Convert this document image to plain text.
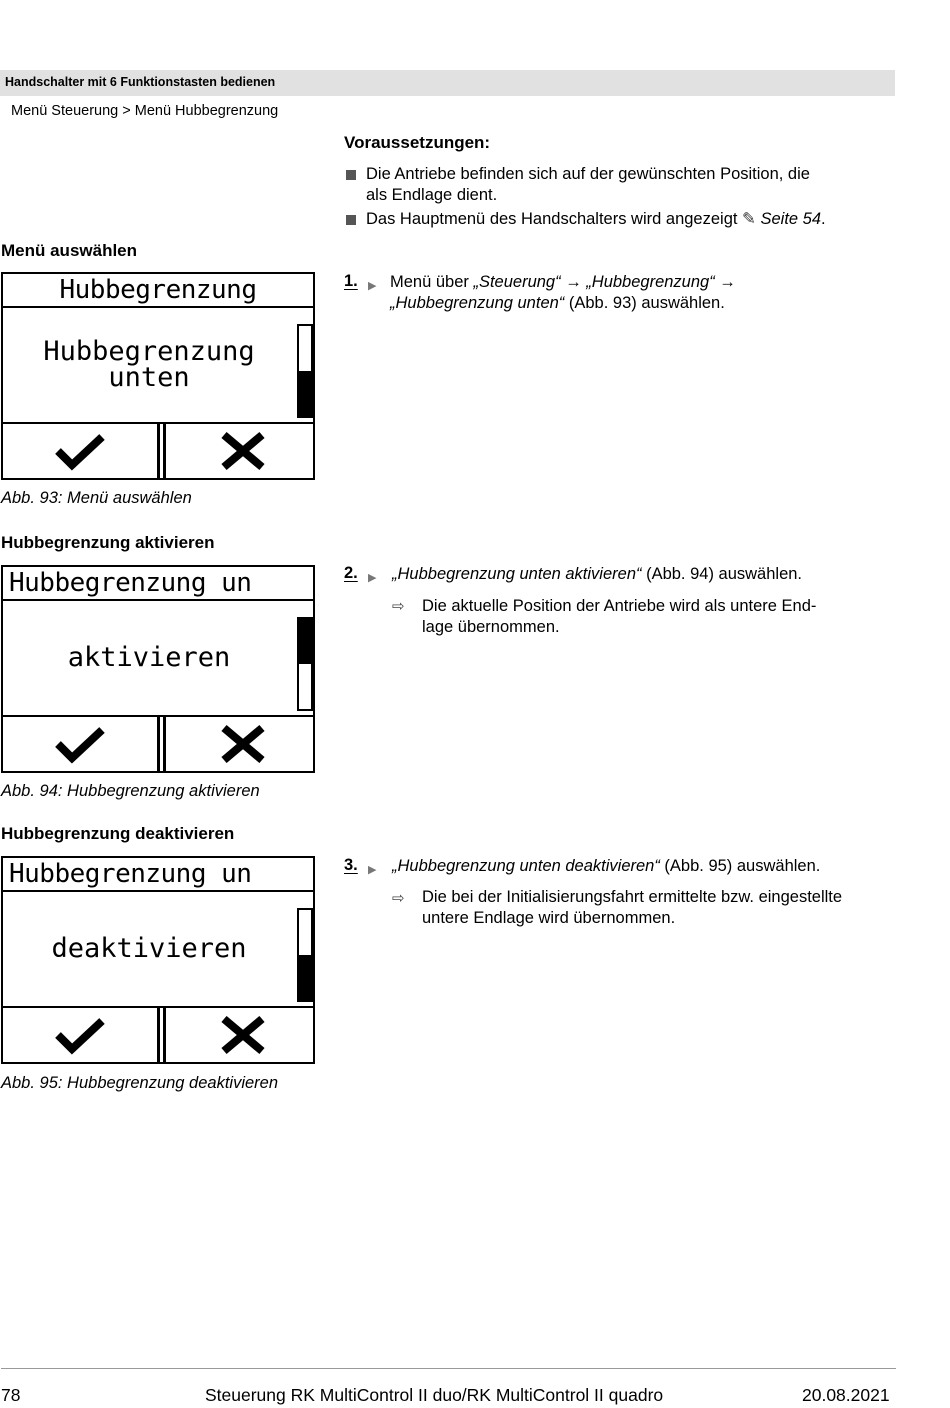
Handschalter mit 6 Funktionstasten bedienen
Menü Steuerung > Menü Hubbegrenzung
Voraussetzungen:
Die Antriebe befinden sich auf der gewünschten Position, die
als Endlage dient.
Das Hauptmenü des Handschalters wird angezeigt ✎ Seite 54.
Menü auswählen
Hubbegrenzung
Hubbegrenzung
unten
Abb. 93: Menü auswählen
1. ▶ Menü über „Steuerung“ → „Hubbegrenzung“ →
„Hubbegrenzung unten“ (Abb. 93) auswählen.
Hubbegrenzung aktivieren
Hubbegrenzung un
aktivieren
Abb. 94: Hubbegrenzung aktivieren
2. ▶ „Hubbegrenzung unten aktivieren“ (Abb. 94) auswählen.
⇨ Die aktuelle Position der Antriebe wird als untere End-
lage übernommen.
Hubbegrenzung deaktivieren
Hubbegrenzung un
deaktivieren
Abb. 95: Hubbegrenzung deaktivieren
3. ▶ „Hubbegrenzung unten deaktivieren“ (Abb. 95) auswählen.
⇨ Die bei der Initialisierungsfahrt ermittelte bzw. eingestellte
untere Endlage wird übernommen.
78	Steuerung RK MultiControl II duo/RK MultiControl II quadro	20.08.2021
